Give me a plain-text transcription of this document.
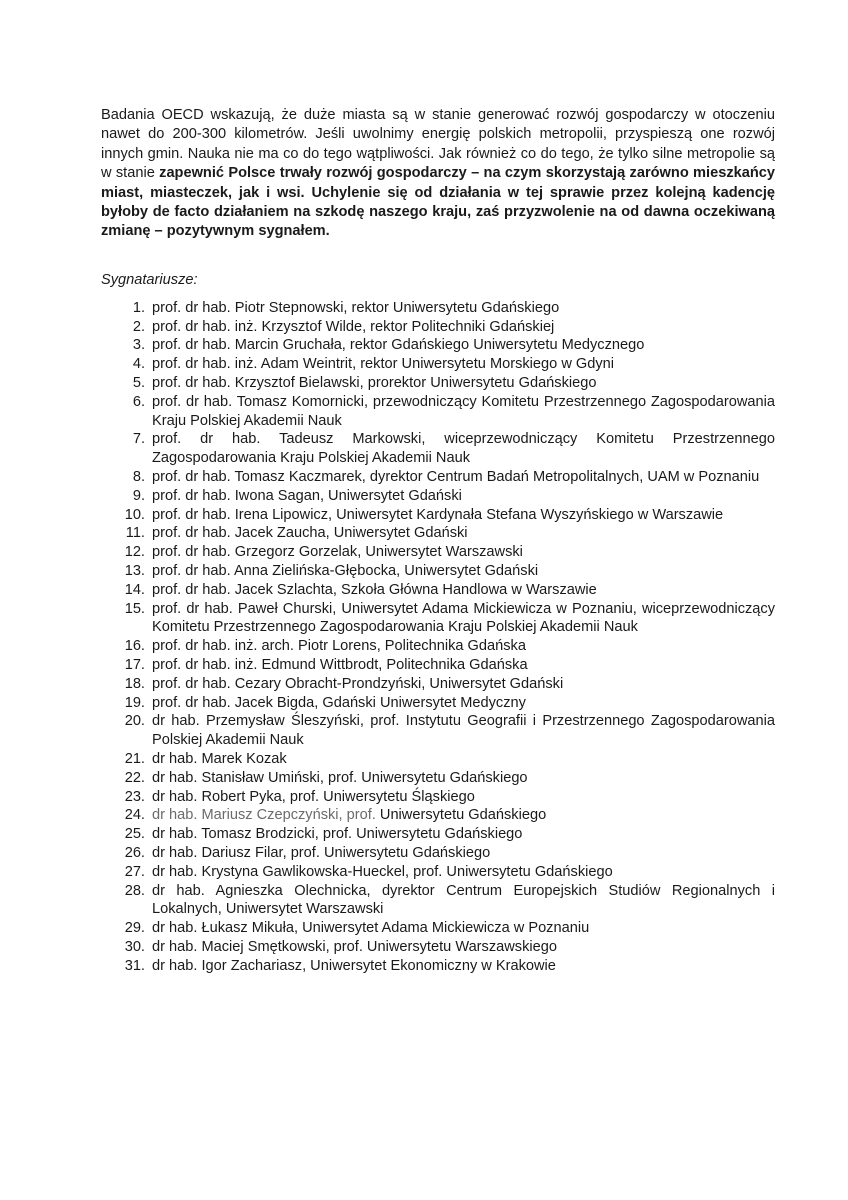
Badania OECD wskazują, że duże miasta są w stanie generować rozwój gospodarczy w otoczeniu nawet do 200-300 kilometrów. Jeśli uwolnimy energię polskich metropolii, przyspieszą one rozwój innych gmin. Nauka nie ma co do tego wątpliwości. Jak również co do tego, że tylko silne metropolie są w stanie zapewnić Polsce trwały rozwój gospodarczy – na czym skorzystają zarówno mieszkańcy miast, miasteczek, jak i wsi. Uchylenie się od działania w tej sprawie przez kolejną kadencję byłoby de facto działaniem na szkodę naszego kraju, zaś przyzwolenie na od dawna oczekiwaną zmianę – pozytywnym sygnałem.

Sygnatariusze:
1. prof. dr hab. Piotr Stepnowski, rektor Uniwersytetu Gdańskiego
2. prof. dr hab. inż. Krzysztof Wilde, rektor Politechniki Gdańskiej
3. prof. dr hab. Marcin Gruchała, rektor Gdańskiego Uniwersytetu Medycznego
4. prof. dr hab. inż. Adam Weintrit, rektor Uniwersytetu Morskiego w Gdyni
5. prof. dr hab. Krzysztof Bielawski, prorektor Uniwersytetu Gdańskiego
6. prof. dr hab. Tomasz Komornicki, przewodniczący Komitetu Przestrzennego Zagospodarowania Kraju Polskiej Akademii Nauk
7. prof. dr hab. Tadeusz Markowski, wiceprzewodniczący Komitetu Przestrzennego Zagospodarowania Kraju Polskiej Akademii Nauk
8. prof. dr hab. Tomasz Kaczmarek, dyrektor Centrum Badań Metropolitalnych, UAM w Poznaniu
9. prof. dr hab. Iwona Sagan, Uniwersytet Gdański
10. prof. dr hab. Irena Lipowicz, Uniwersytet Kardynała Stefana Wyszyńskiego w Warszawie
11. prof. dr hab. Jacek Zaucha, Uniwersytet Gdański
12. prof. dr hab. Grzegorz Gorzelak, Uniwersytet Warszawski
13. prof. dr hab. Anna Zielińska-Głębocka, Uniwersytet Gdański
14. prof. dr hab. Jacek Szlachta, Szkoła Główna Handlowa w Warszawie
15. prof. dr hab. Paweł Churski, Uniwersytet Adama Mickiewicza w Poznaniu, wiceprzewodniczący Komitetu Przestrzennego Zagospodarowania Kraju Polskiej Akademii Nauk
16. prof. dr hab. inż. arch. Piotr Lorens, Politechnika Gdańska
17. prof. dr hab. inż. Edmund Wittbrodt, Politechnika Gdańska
18. prof. dr hab. Cezary Obracht-Prondzyński, Uniwersytet Gdański
19. prof. dr hab. Jacek Bigda, Gdański Uniwersytet Medyczny
20. dr hab. Przemysław Śleszyński, prof. Instytutu Geografii i Przestrzennego Zagospodarowania Polskiej Akademii Nauk
21. dr hab. Marek Kozak
22. dr hab. Stanisław Umiński, prof. Uniwersytetu Gdańskiego
23. dr hab. Robert Pyka, prof. Uniwersytetu Śląskiego
24. dr hab. Mariusz Czepczyński, prof. Uniwersytetu Gdańskiego
25. dr hab. Tomasz Brodzicki, prof. Uniwersytetu Gdańskiego
26. dr hab. Dariusz Filar, prof. Uniwersytetu Gdańskiego
27. dr hab. Krystyna Gawlikowska-Hueckel, prof. Uniwersytetu Gdańskiego
28. dr hab. Agnieszka Olechnicka, dyrektor Centrum Europejskich Studiów Regionalnych i Lokalnych, Uniwersytet Warszawski
29. dr hab. Łukasz Mikuła, Uniwersytet Adama Mickiewicza w Poznaniu
30. dr hab. Maciej Smętkowski, prof. Uniwersytetu Warszawskiego
31. dr hab. Igor Zachariasz, Uniwersytet Ekonomiczny w Krakowie
